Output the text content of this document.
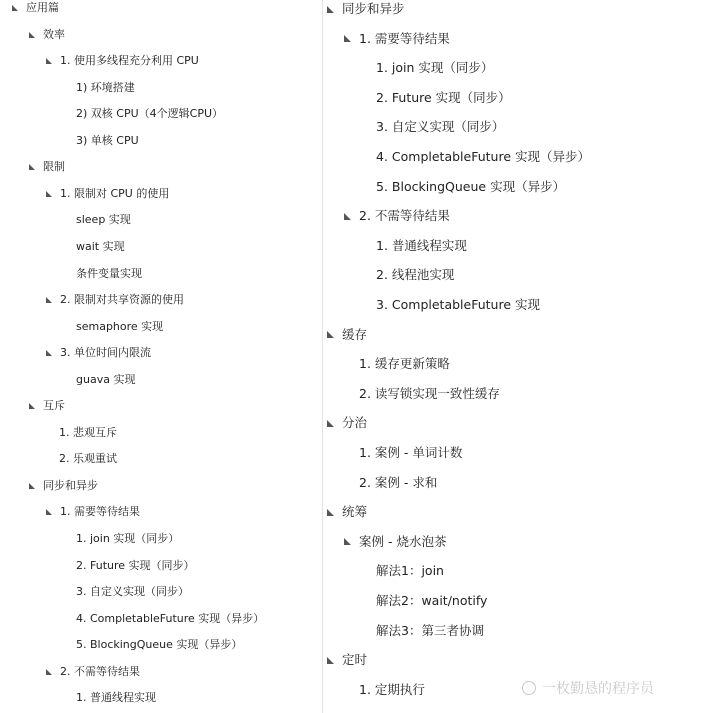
应用篇
效率
1. 使用多线程充分利用 CPU
1) 环境搭建
2) 双核 CPU（4个逻辑CPU）
3) 单核 CPU
限制
1. 限制对 CPU 的使用
sleep 实现
wait 实现
条件变量实现
2. 限制对共享资源的使用
semaphore 实现
3. 单位时间内限流
guava 实现
互斥
1. 悲观互斥
2. 乐观重试
同步和异步
1. 需要等待结果
1. join 实现（同步）
2. Future 实现（同步）
3. 自定义实现（同步）
4. CompletableFuture 实现（异步）
5. BlockingQueue 实现（异步）
2. 不需等待结果
1. 普通线程实现
同步和异步
1. 需要等待结果
1. join 实现（同步）
2. Future 实现（同步）
3. 自定义实现（同步）
4. CompletableFuture 实现（异步）
5. BlockingQueue 实现（异步）
2. 不需等待结果
1. 普通线程实现
2. 线程池实现
3. CompletableFuture 实现
缓存
1. 缓存更新策略
2. 读写锁实现一致性缓存
分治
1. 案例 - 单词计数
2. 案例 - 求和
统筹
案例 - 烧水泡茶
解法1：join
解法2：wait/notify
解法3：第三者协调
定时
1. 定期执行	一枚勤恳的程序员
